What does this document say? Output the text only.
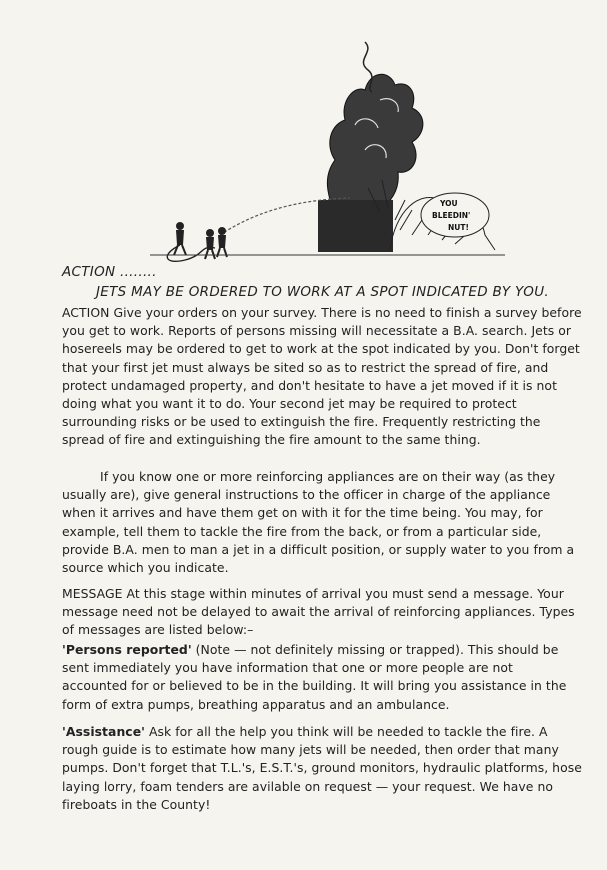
YOU
BLEEDIN'
NUT!
ACTION ........
JETS MAY BE ORDERED TO WORK AT A SPOT INDICATED BY YOU.

ACTION Give your orders on your survey. There is no need to finish a survey before you get to work. Reports of persons missing will necessitate a B.A. search. Jets or hosereels may be ordered to get to work at the spot indicated by you. Don't forget that your first jet must always be sited so as to restrict the spread of fire, and protect undamaged property, and don't hesitate to have a jet moved if it is not doing what you want it to do. Your second jet may be required to protect surrounding risks or be used to extinguish the fire. Frequently restricting the spread of fire and extinguishing the fire amount to the same thing.

If you know one or more reinforcing appliances are on their way (as they usually are), give general instructions to the officer in charge of the appliance when it arrives and have them get on with it for the time being. You may, for example, tell them to tackle the fire from the back, or from a particular side, provide B.A. men to man a jet in a difficult position, or supply water to you from a source which you indicate.

MESSAGE At this stage within minutes of arrival you must send a message. Your message need not be delayed to await the arrival of reinforcing appliances. Types of messages are listed below:–

'Persons reported' (Note — not definitely missing or trapped). This should be sent immediately you have information that one or more people are not accounted for or believed to be in the building. It will bring you assistance in the form of extra pumps, breathing apparatus and an ambulance.

'Assistance' Ask for all the help you think will be needed to tackle the fire. A rough guide is to estimate how many jets will be needed, then order that many pumps. Don't forget that T.L.'s, E.S.T.'s, ground monitors, hydraulic platforms, hose laying lorry, foam tenders are avilable on request — your request. We have no fireboats in the County!
